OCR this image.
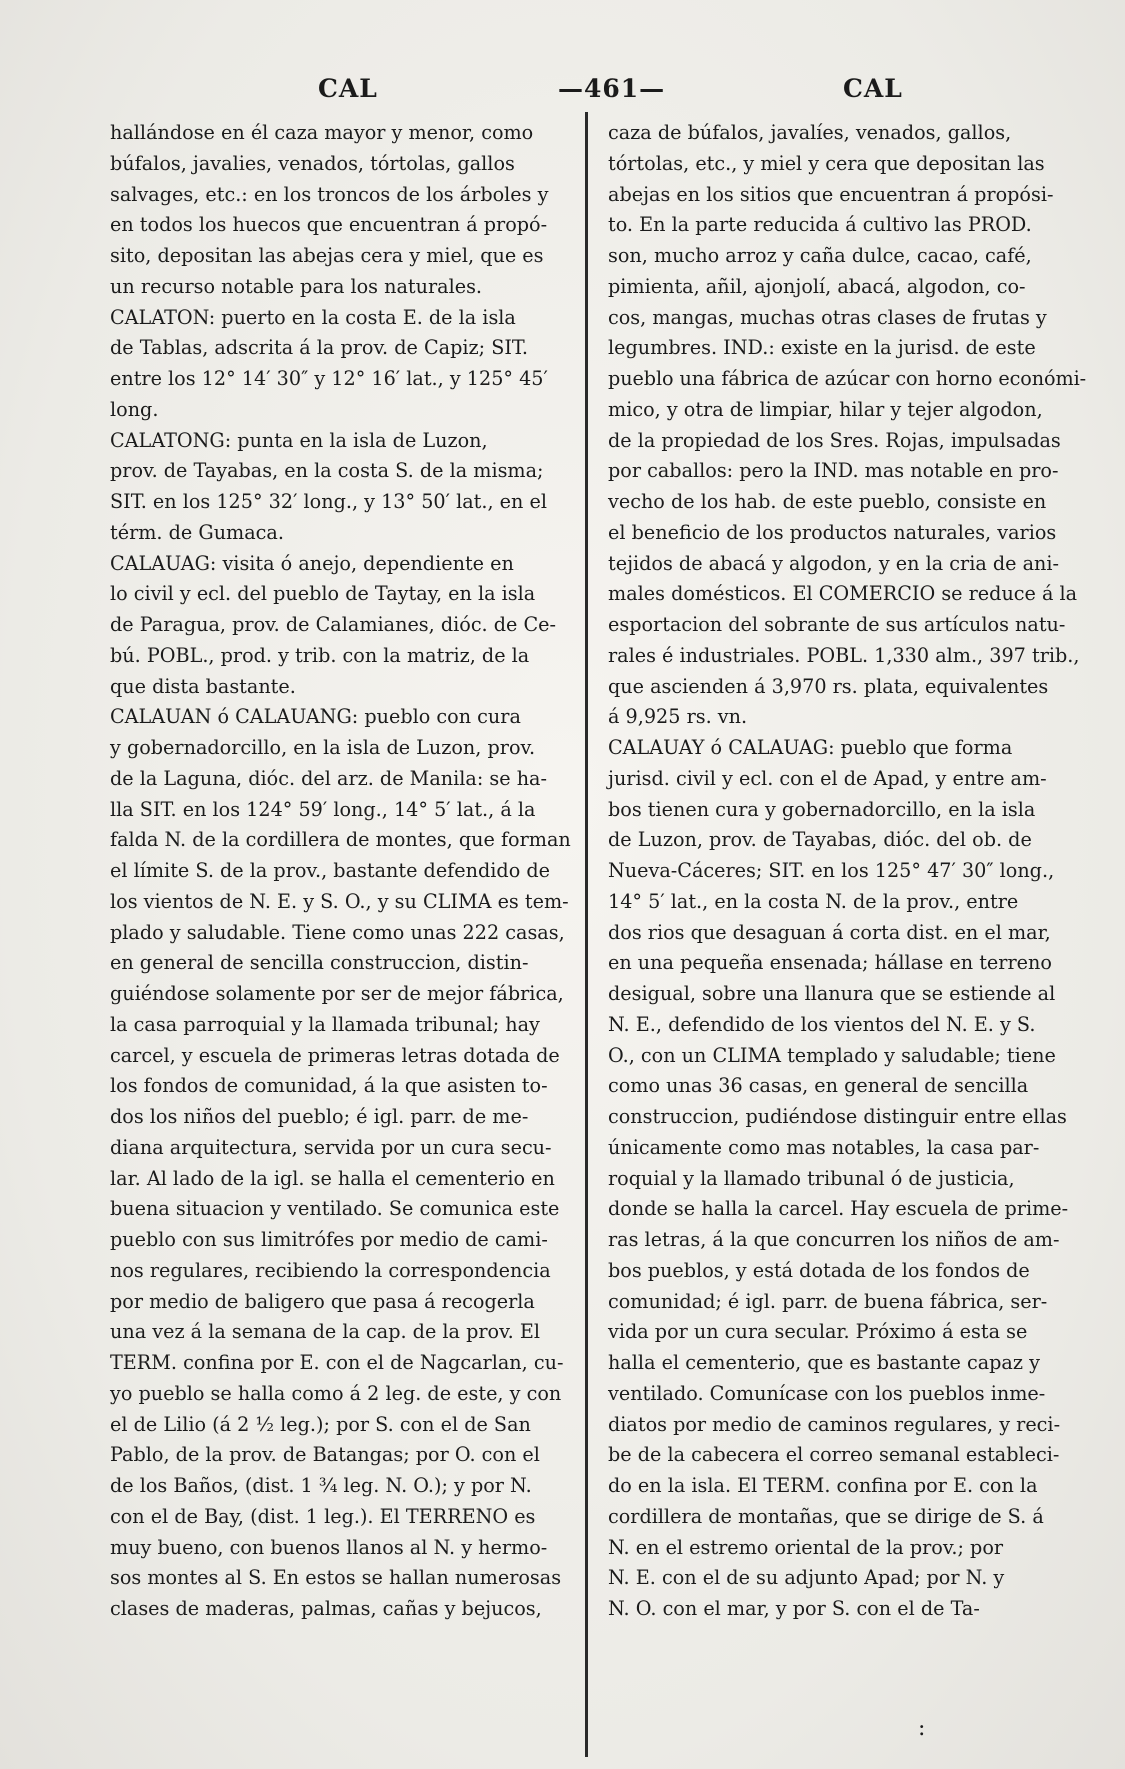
CAL	—461—	CAL

hallándose en él caza mayor y menor, como

búfalos, javalies, venados, tórtolas, gallos

salvages, etc.: en los troncos de los árboles y

en todos los huecos que encuentran á propó-

sito, depositan las abejas cera y miel, que es

un recurso notable para los naturales.

CALATON: puerto en la costa E. de la isla

de Tablas, adscrita á la prov. de Capiz; SIT.

entre los 12° 14′ 30″ y 12° 16′ lat., y 125° 45′

long.

CALATONG: punta en la isla de Luzon,

prov. de Tayabas, en la costa S. de la misma;

SIT. en los 125° 32′ long., y 13° 50′ lat., en el

térm. de Gumaca.

CALAUAG: visita ó anejo, dependiente en

lo civil y ecl. del pueblo de Taytay, en la isla

de Paragua, prov. de Calamianes, dióc. de Ce-

bú. POBL., prod. y trib. con la matriz, de la

que dista bastante.

CALAUAN ó CALAUANG: pueblo con cura

y gobernadorcillo, en la isla de Luzon, prov.

de la Laguna, dióc. del arz. de Manila: se ha-

lla SIT. en los 124° 59′ long., 14° 5′ lat., á la

falda N. de la cordillera de montes, que forman

el límite S. de la prov., bastante defendido de

los vientos de N. E. y S. O., y su CLIMA es tem-

plado y saludable. Tiene como unas 222 casas,

en general de sencilla construccion, distin-

guiéndose solamente por ser de mejor fábrica,

la casa parroquial y la llamada tribunal; hay

carcel, y escuela de primeras letras dotada de

los fondos de comunidad, á la que asisten to-

dos los niños del pueblo; é igl. parr. de me-

diana arquitectura, servida por un cura secu-

lar. Al lado de la igl. se halla el cementerio en

buena situacion y ventilado. Se comunica este

pueblo con sus limitrófes por medio de cami-

nos regulares, recibiendo la correspondencia

por medio de baligero que pasa á recogerla

una vez á la semana de la cap. de la prov. El

TERM. confina por E. con el de Nagcarlan, cu-

yo pueblo se halla como á 2 leg. de este, y con

el de Lilio (á 2 ½ leg.); por S. con el de San

Pablo, de la prov. de Batangas; por O. con el

de los Baños, (dist. 1 ¾ leg. N. O.); y por N.

con el de Bay, (dist. 1 leg.). El TERRENO es

muy bueno, con buenos llanos al N. y hermo-

sos montes al S. En estos se hallan numerosas

clases de maderas, palmas, cañas y bejucos,

caza de búfalos, javalíes, venados, gallos,

tórtolas, etc., y miel y cera que depositan las

abejas en los sitios que encuentran á propósi-

to. En la parte reducida á cultivo las PROD.

son, mucho arroz y caña dulce, cacao, café,

pimienta, añil, ajonjolí, abacá, algodon, co-

cos, mangas, muchas otras clases de frutas y

legumbres. IND.: existe en la jurisd. de este

pueblo una fábrica de azúcar con horno económi-

mico, y otra de limpiar, hilar y tejer algodon,

de la propiedad de los Sres. Rojas, impulsadas

por caballos: pero la IND. mas notable en pro-

vecho de los hab. de este pueblo, consiste en

el beneficio de los productos naturales, varios

tejidos de abacá y algodon, y en la cria de ani-

males domésticos. El COMERCIO se reduce á la

esportacion del sobrante de sus artículos natu-

rales é industriales. POBL. 1,330 alm., 397 trib.,

que ascienden á 3,970 rs. plata, equivalentes

á 9,925 rs. vn.

CALAUAY ó CALAUAG: pueblo que forma

jurisd. civil y ecl. con el de Apad, y entre am-

bos tienen cura y gobernadorcillo, en la isla

de Luzon, prov. de Tayabas, dióc. del ob. de

Nueva-Cáceres; SIT. en los 125° 47′ 30″ long.,

14° 5′ lat., en la costa N. de la prov., entre

dos rios que desaguan á corta dist. en el mar,

en una pequeña ensenada; hállase en terreno

desigual, sobre una llanura que se estiende al

N. E., defendido de los vientos del N. E. y S.

O., con un CLIMA templado y saludable; tiene

como unas 36 casas, en general de sencilla

construccion, pudiéndose distinguir entre ellas

únicamente como mas notables, la casa par-

roquial y la llamado tribunal ó de justicia,

donde se halla la carcel. Hay escuela de prime-

ras letras, á la que concurren los niños de am-

bos pueblos, y está dotada de los fondos de

comunidad; é igl. parr. de buena fábrica, ser-

vida por un cura secular. Próximo á esta se

halla el cementerio, que es bastante capaz y

ventilado. Comunícase con los pueblos inme-

diatos por medio de caminos regulares, y reci-

be de la cabecera el correo semanal estableci-

do en la isla. El TERM. confina por E. con la

cordillera de montañas, que se dirige de S. á

N. en el estremo oriental de la prov.; por

N. E. con el de su adjunto Apad; por N. y

N. O. con el mar, y por S. con el de Ta-

:
